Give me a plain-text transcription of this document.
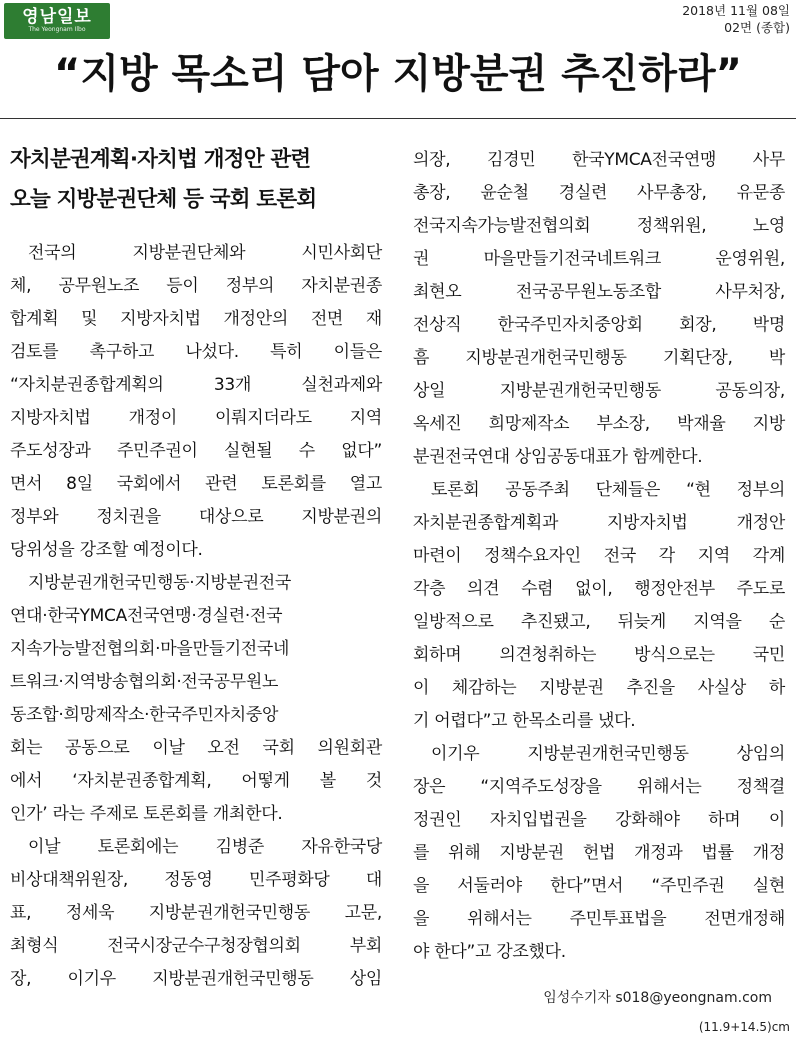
영남일보
The Yeongnam Ilbo
2018년 11월 08일
02면 (종합)
“지방 목소리 담아 지방분권 추진하라”
자치분권계획·자치법 개정안 관련
오늘 지방분권단체 등 국회 토론회
전국의 지방분권단체와 시민사회단
체, 공무원노조 등이 정부의 자치분권종
합계획 및 지방자치법 개정안의 전면 재
검토를 촉구하고 나섰다. 특히 이들은
“자치분권종합계획의 33개 실천과제와
지방자치법 개정이 이뤄지더라도 지역
주도성장과 주민주권이 실현될 수 없다”
면서 8일 국회에서 관련 토론회를 열고
정부와 정치권을 대상으로 지방분권의
당위성을 강조할 예정이다.
지방분권개헌국민행동·지방분권전국
연대·한국YMCA전국연맹·경실련·전국
지속가능발전협의회·마을만들기전국네
트워크·지역방송협의회·전국공무원노
동조합·희망제작소·한국주민자치중앙
회는 공동으로 이날 오전 국회 의원회관
에서 ‘자치분권종합계획, 어떻게 볼 것
인가’ 라는 주제로 토론회를 개최한다.
이날 토론회에는 김병준 자유한국당
비상대책위원장, 정동영 민주평화당 대
표, 정세욱 지방분권개헌국민행동 고문,
최형식 전국시장군수구청장협의회 부회
장, 이기우 지방분권개헌국민행동 상임
의장, 김경민 한국YMCA전국연맹 사무
총장, 윤순철 경실련 사무총장, 유문종
전국지속가능발전협의회 정책위원, 노영
권 마을만들기전국네트워크 운영위원,
최현오 전국공무원노동조합 사무처장,
전상직 한국주민자치중앙회 회장, 박명
흠 지방분권개헌국민행동 기획단장, 박
상일 지방분권개헌국민행동 공동의장,
옥세진 희망제작소 부소장, 박재율 지방
분권전국연대 상임공동대표가 함께한다.
토론회 공동주최 단체들은 “현 정부의
자치분권종합계획과 지방자치법 개정안
마련이 정책수요자인 전국 각 지역 각계
각층 의견 수렴 없이, 행정안전부 주도로
일방적으로 추진됐고, 뒤늦게 지역을 순
회하며 의견청취하는 방식으로는 국민
이 체감하는 지방분권 추진을 사실상 하
기 어렵다”고 한목소리를 냈다.
이기우 지방분권개헌국민행동 상임의
장은 “지역주도성장을 위해서는 정책결
정권인 자치입법권을 강화해야 하며 이
를 위해 지방분권 헌법 개정과 법률 개정
을 서둘러야 한다”면서 “주민주권 실현
을 위해서는 주민투표법을 전면개정해
야 한다”고 강조했다.
임성수기자 s018@yeongnam.com
(11.9+14.5)cm
